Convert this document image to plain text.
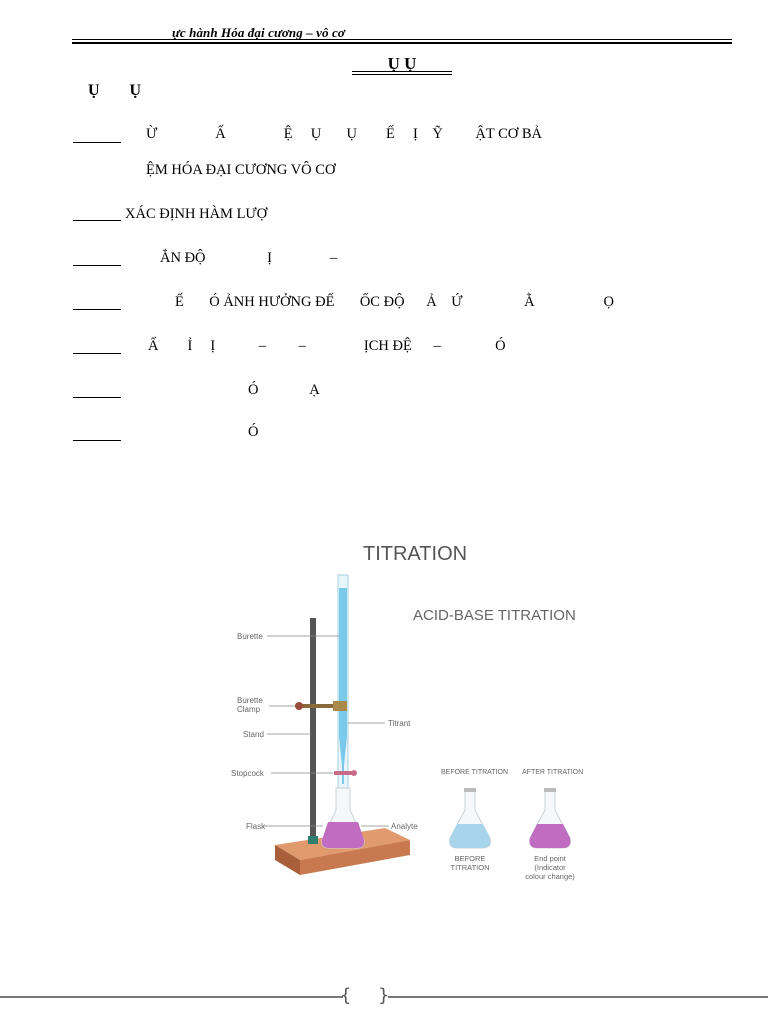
ực hành Hóa đại cương – vô cơ
Ụ Ụ
Ụ Ụ
Ừ                Ấ                Ệ     Ụ       Ụ        Ế     Ị    Ỹ         ẬT CƠ BẢ
ỆM HÓA ĐẠI CƯƠNG VÔ CƠ
XÁC ĐỊNH HÀM LƯỢ
ẮN ĐỘ                 Ị                –
Ế       Ó ẢNH HƯỞNG ĐẾ       ỐC ĐỘ      Ả    Ứ                 Ằ                   Ọ
Ấ        Ỉ     Ị            –         –                ỊCH ĐỆ      –               Ó
Ó              Ạ
Ó
TITRATION
ACID-BASE TITRATION
Burette
Burette
Clamp
Stand
Stopcock
Flask
Titrant
Analyte
BEFORE TITRATION AFTER TITRATION
BEFORE
TITRATION
End point
(Indicator
colour change)
{ }
